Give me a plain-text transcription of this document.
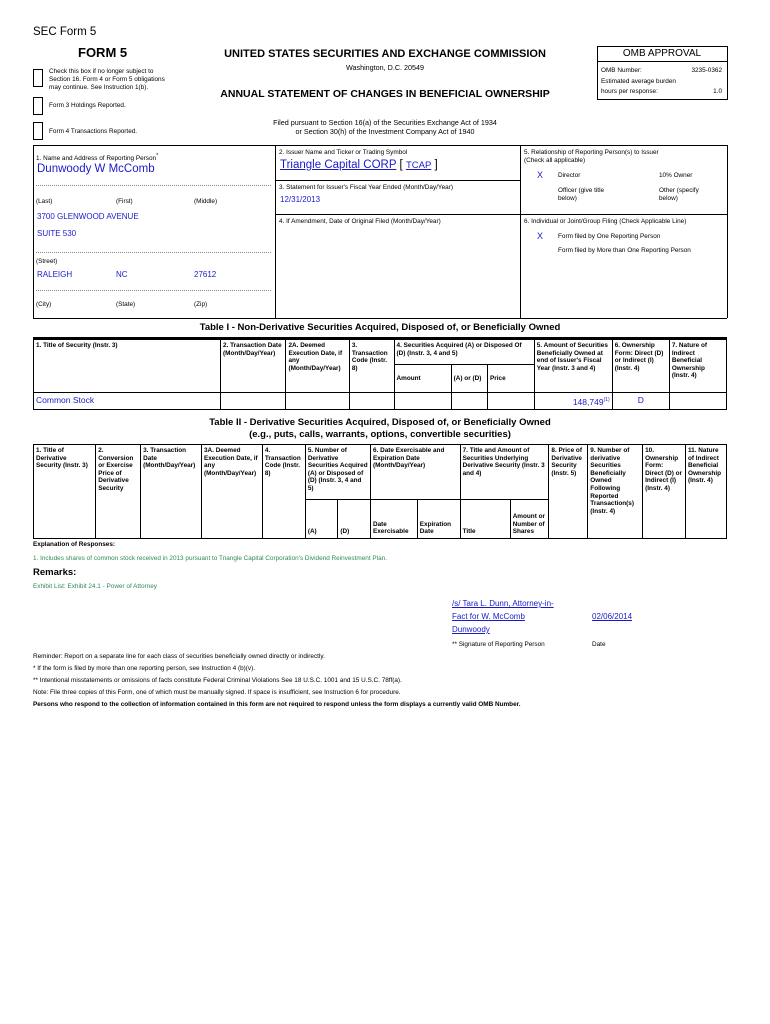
SEC Form 5
FORM 5	UNITED STATES SECURITIES AND EXCHANGE COMMISSION
Washington, D.C. 20549
ANNUAL STATEMENT OF CHANGES IN BENEFICIAL OWNERSHIP
Filed pursuant to Section 16(a) of the Securities Exchange Act of 1934
or Section 30(h) of the Investment Company Act of 1940
Check this box if no longer subject to
Section 16. Form 4 or Form 5 obligations
may continue. See Instruction 1(b).
Form 3 Holdings Reported.
Form 4 Transactions Reported.
OMB APPROVAL
OMB Number:	3235-0362
Estimated average burden
hours per response:	1.0
1. Name and Address of Reporting Person*
Dunwoody W McComb
(Last)	(First)	(Middle)
3700 GLENWOOD AVENUE
SUITE 530
(Street)
RALEIGH	NC	27612
(City)	(State)	(Zip)
2. Issuer Name and Ticker or Trading Symbol
Triangle Capital CORP [ TCAP ]
3. Statement for Issuer's Fiscal Year Ended (Month/Day/Year)
12/31/2013
4. If Amendment, Date of Original Filed (Month/Day/Year)
5. Relationship of Reporting Person(s) to Issuer
(Check all applicable)
X Director	10% Owner
Officer (give title
below)
Other (specify
below)
6. Individual or Joint/Group Filing (Check Applicable Line)
X Form filed by One Reporting Person
Form filed by More than One Reporting Person
Table I - Non-Derivative Securities Acquired, Disposed of, or Beneficially Owned
1. Title of Security (Instr. 3)	2. Transaction Date (Month/Day/Year)	2A. Deemed Execution Date, if any (Month/Day/Year)	3. Transaction Code (Instr. 8)	4. Securities Acquired (A) or Disposed Of (D) (Instr. 3, 4 and 5)			5. Amount of Securities Beneficially Owned at end of Issuer's Fiscal Year (Instr. 3 and 4)	6. Ownership Form: Direct (D) or Indirect (I) (Instr. 4)	7. Nature of Indirect Beneficial Ownership (Instr. 4)
				Amount	(A) or (D)	Price			
Common Stock							148,749$^{(1)}$	D	
Table II - Derivative Securities Acquired, Disposed of, or Beneficially Owned
(e.g., puts, calls, warrants, options, convertible securities)
1. Title of Derivative Security (Instr. 3)	2. Conversion or Exercise Price of Derivative Security	3. Transaction Date (Month/Day/Year)	3A. Deemed Execution Date, if any (Month/Day/Year)	4. Transaction Code (Instr. 8)	5. Number of Derivative Securities Acquired (A) or Disposed of (D) (Instr. 3, 4 and 5)		6. Date Exercisable and Expiration Date (Month/Day/Year)		7. Title and Amount of Securities Underlying Derivative Security (Instr. 3 and 4)		8. Price of Derivative Security (Instr. 5)	9. Number of derivative Securities Beneficially Owned Following Reported Transaction(s) (Instr. 4)	10. Ownership Form: Direct (D) or Indirect (I) (Instr. 4)	11. Nature of Indirect Beneficial Ownership (Instr. 4)
					(A)	(D)	Date Exercisable	Expiration Date	Title	Amount or Number of Shares				
Explanation of Responses:
1. Includes shares of common stock received in 2013 pursuant to Triangle Capital Corporation's Dividend Reinvestment Plan.
Remarks:
Exhibit List: Exhibit 24.1 - Power of Attorney
/s/ Tara L. Dunn, Attorney-in-
Fact for W. McComb
Dunwoody
02/06/2014
** Signature of Reporting Person	Date
Reminder: Report on a separate line for each class of securities beneficially owned directly or indirectly.
* If the form is filed by more than one reporting person, see Instruction 4 (b)(v).
** Intentional misstatements or omissions of facts constitute Federal Criminal Violations See 18 U.S.C. 1001 and 15 U.S.C. 78ff(a).
Note: File three copies of this Form, one of which must be manually signed. If space is insufficient, see Instruction 6 for procedure.
Persons who respond to the collection of information contained in this form are not required to respond unless the form displays a currently valid OMB Number.
